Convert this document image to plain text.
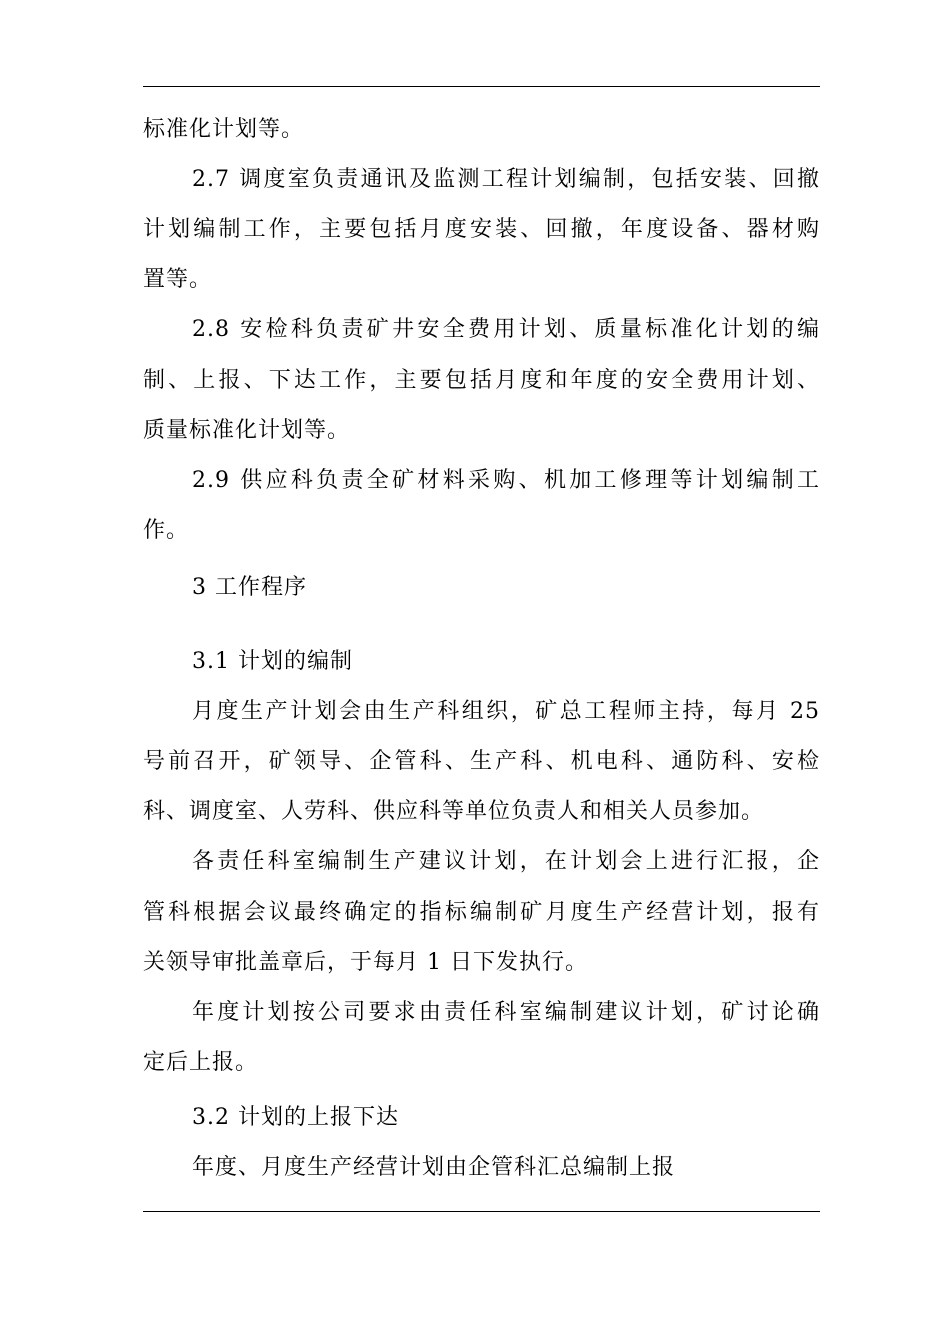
标准化计划等。
2.7 调度室负责通讯及监测工程计划编制，包括安装、回撤
计划编制工作，主要包括月度安装、回撤，年度设备、器材购
置等。
2.8 安检科负责矿井安全费用计划、质量标准化计划的编
制、上报、下达工作，主要包括月度和年度的安全费用计划、
质量标准化计划等。
2.9 供应科负责全矿材料采购、机加工修理等计划编制工
作。
3 工作程序
3.1 计划的编制
月度生产计划会由生产科组织，矿总工程师主持，每月 25
号前召开，矿领导、企管科、生产科、机电科、通防科、安检
科、调度室、人劳科、供应科等单位负责人和相关人员参加。
各责任科室编制生产建议计划，在计划会上进行汇报，企
管科根据会议最终确定的指标编制矿月度生产经营计划，报有
关领导审批盖章后，于每月 1 日下发执行。
年度计划按公司要求由责任科室编制建议计划，矿讨论确
定后上报。
3.2 计划的上报下达
年度、月度生产经营计划由企管科汇总编制上报
